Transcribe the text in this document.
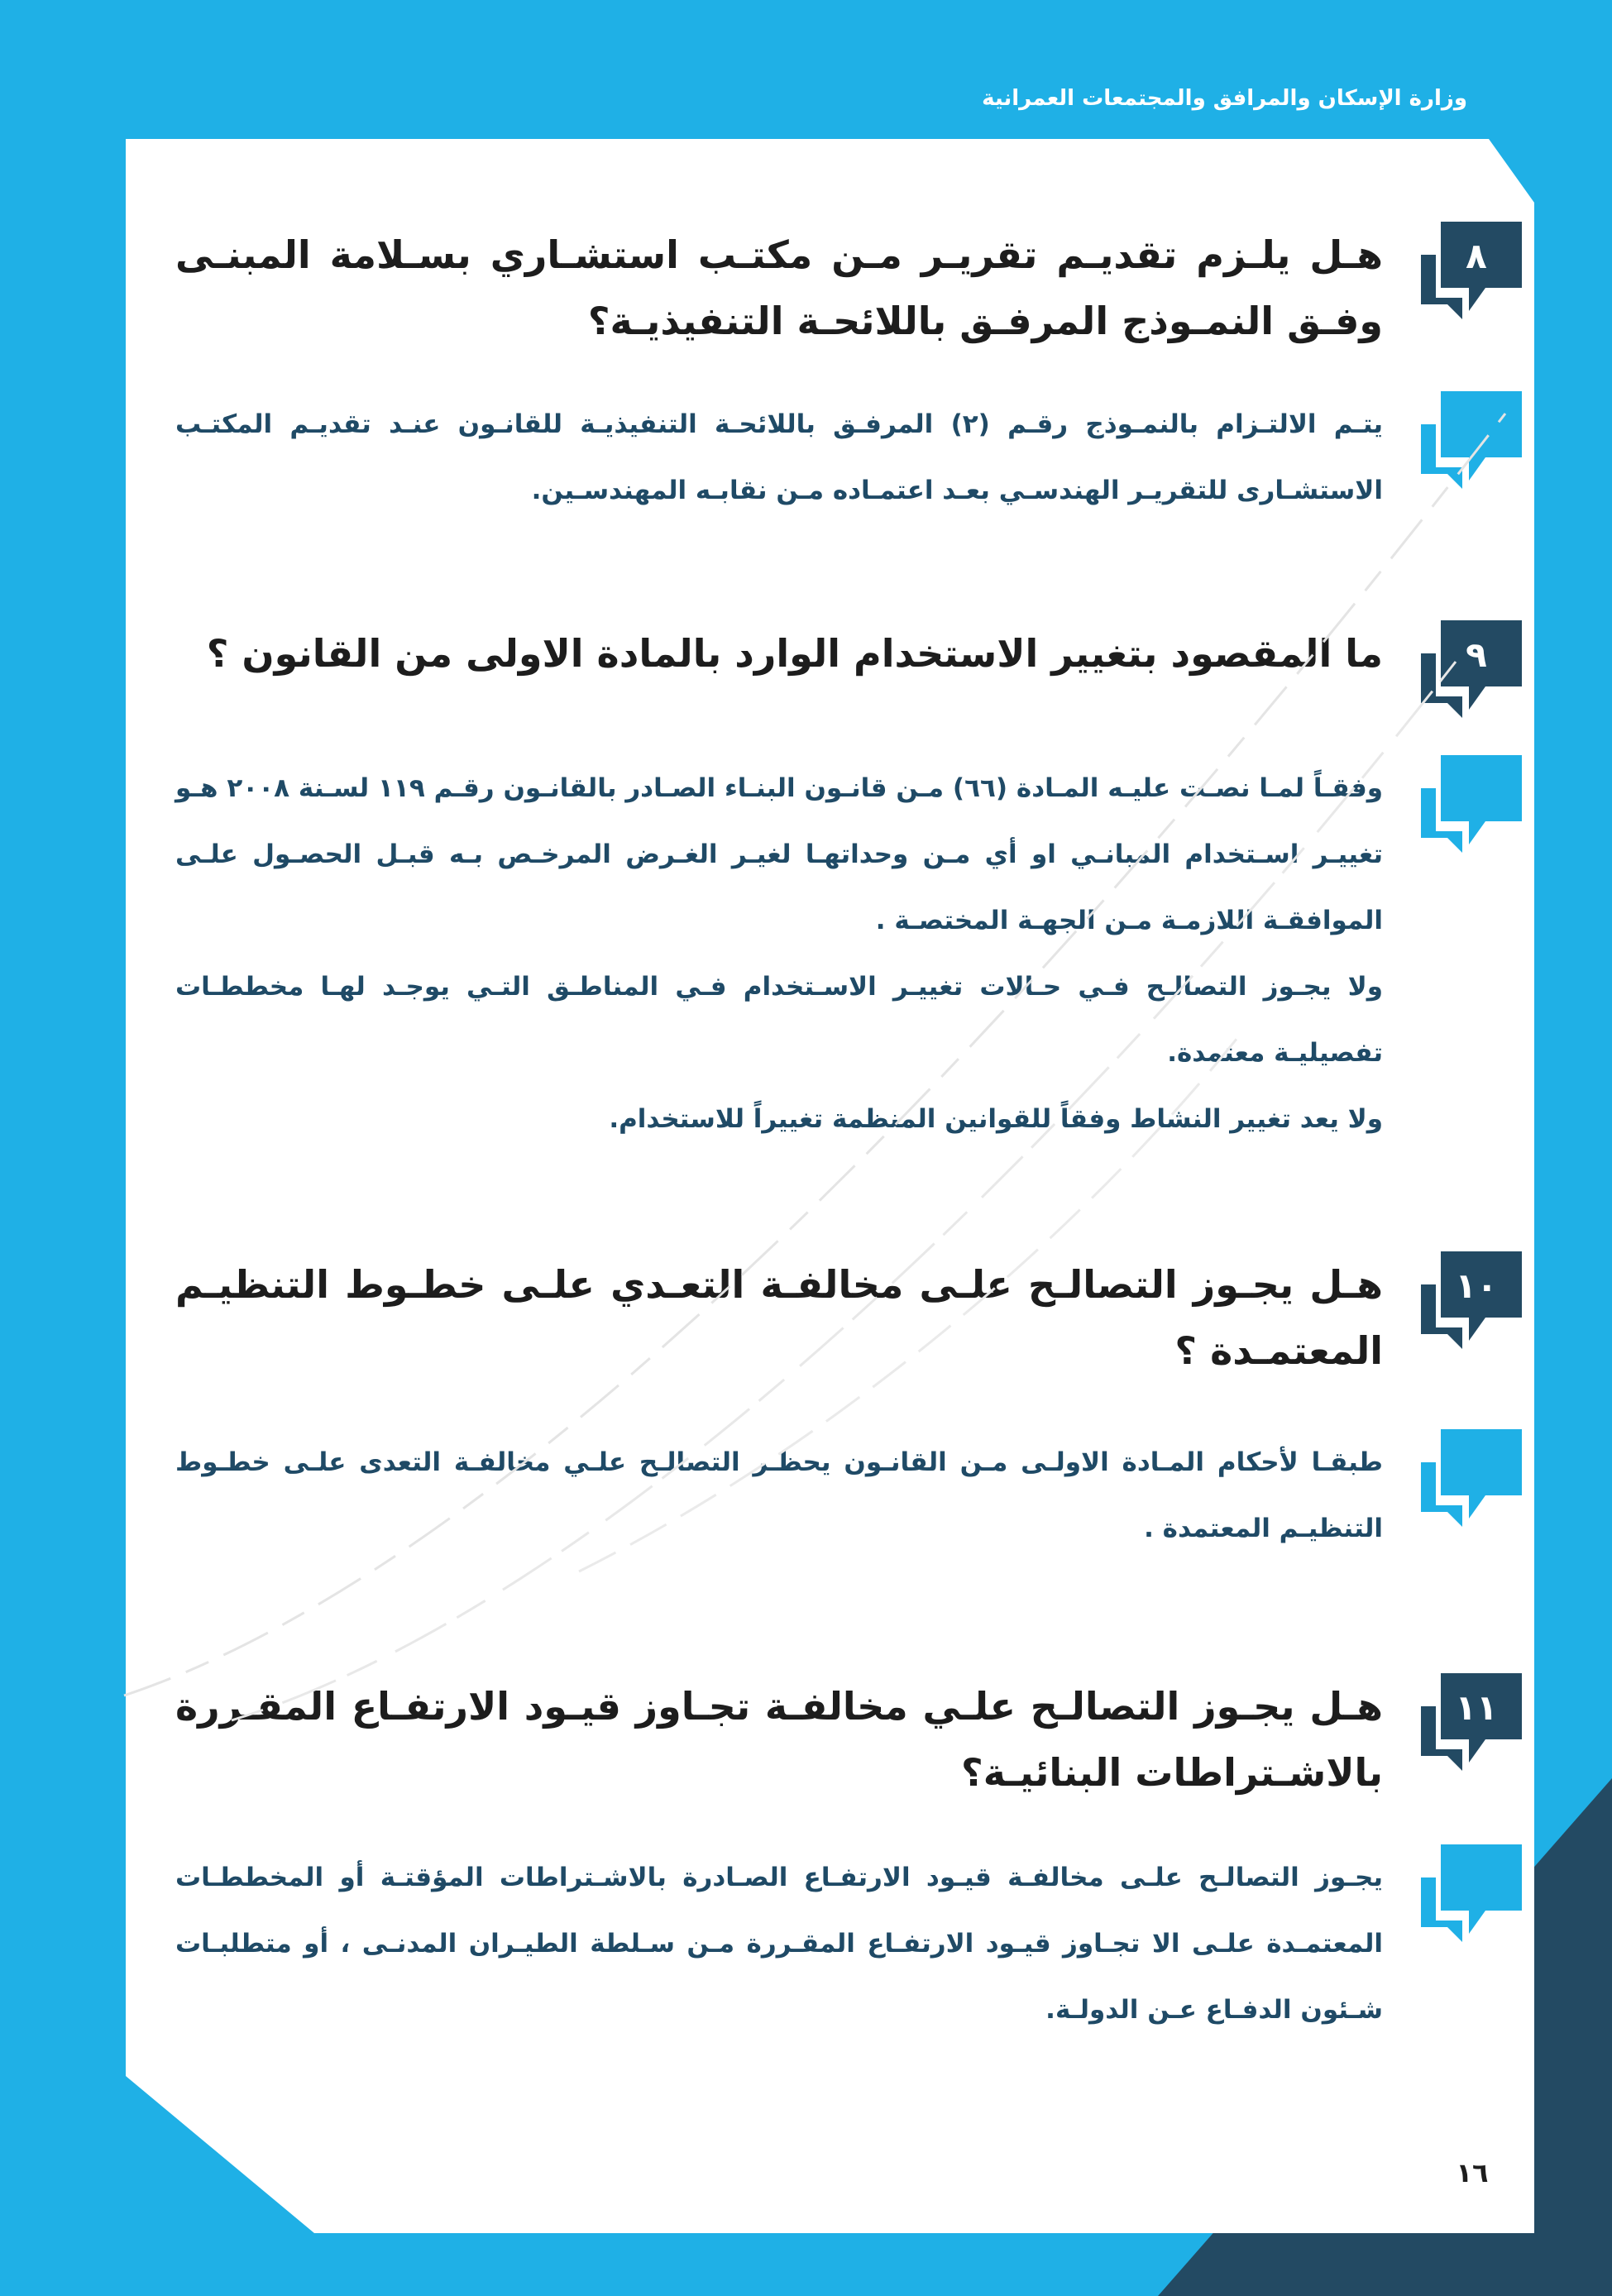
وزارة الإسكان والمرافق والمجتمعات العمرانية
٨
هـل يلـزم تقديـم تقريـر مـن مكتـب استشـاري بسـلامة المبنـى وفـق النمـوذج المرفـق باللائحـة التنفيذيـة؟

يتـم الالتـزام بالنمـوذج رقـم (٢) المرفـق باللائحـة التنفيذيـة للقانـون عنـد تقديـم المكتـب الاستشـارى للتقريـر الهندسـي بعـد اعتمـاده مـن نقابـه المهندسـين.

٩
ما المقصود بتغيير الاستخدام الوارد بالمادة الاولى من القانون ؟

وفقـاً لمـا نصـت عليـه المـادة (٦٦) مـن قانـون البنـاء الصـادر بالقانـون رقـم ١١٩ لسـنة ٢٠٠٨ هـو تغييـر اسـتخدام المبانـي او أي مـن وحداتهـا لغيـر الغـرض المرخـص بـه قبـل الحصـول علـى الموافقـة اللازمـة مـن الجهـة المختصـة .

ولا يجـوز التصالـح فـي حـالات تغييـر الاسـتخدام فـي المناطـق التـي يوجـد لهـا مخططـات تفصيليـة معتمدة.

ولا يعد تغيير النشاط وفقاً للقوانين المنظمة تغييراً للاستخدام.

١٠
هـل يجـوز التصالـح علـى مخالفـة التعـدي علـى خطـوط التنظيـم المعتمـدة ؟

طبقـا لأحكام المـادة الاولـى مـن القانـون يحظـر التصالـح علـي مخالفـة التعدى علـى خطـوط التنظيـم المعتمدة .

١١
هـل يجـوز التصالـح علـي مخالفـة تجـاوز قيـود الارتفـاع المقـررة بالاشـتراطات البنائيـة؟

يجـوز التصالـح علـى مخالفـة قيـود الارتفـاع الصـادرة بالاشـتراطات المؤقتـة أو المخططـات المعتمـدة علـى الا تجـاوز قيـود الارتفـاع المقـررة مـن سـلطة الطيـران المدنـى ، أو متطلبـات شـئون الدفـاع عـن الدولـة.

١٦
